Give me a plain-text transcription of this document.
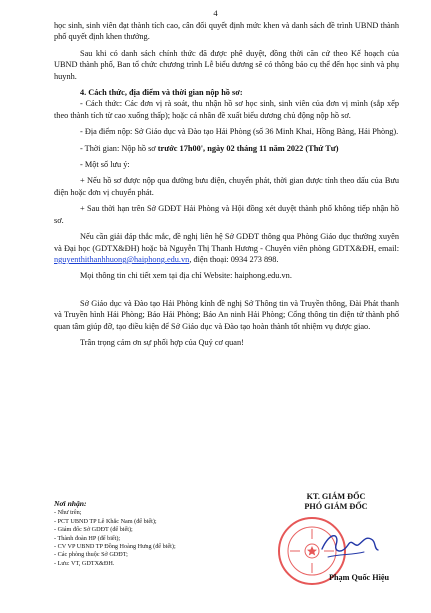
4

học sinh, sinh viên đạt thành tích cao, cân đối quyết định mức khen và danh sách đề trình UBND thành phố quyết định khen thưởng.

Sau khi có danh sách chính thức đã được phê duyệt, đồng thời căn cứ theo Kế hoạch của UBND thành phố, Ban tổ chức chương trình Lễ biểu dương sẽ có thông báo cụ thể đến học sinh và phụ huynh.

4. Cách thức, địa điểm và thời gian nộp hồ sơ:

- Cách thức: Các đơn vị rà soát, thu nhận hồ sơ học sinh, sinh viên của đơn vị mình (sắp xếp theo thành tích từ cao xuống thấp); hoặc cá nhân đề xuất biểu dương chủ động nộp hồ sơ.

- Địa điểm nộp: Sở Giáo dục và Đào tạo Hải Phòng (số 36 Minh Khai, Hồng Bàng, Hải Phòng).

- Thời gian: Nộp hồ sơ trước 17h00', ngày 02 tháng 11 năm 2022 (Thứ Tư)

- Một số lưu ý:

+ Nếu hồ sơ được nộp qua đường bưu điện, chuyển phát, thời gian được tính theo dấu của Bưu điện hoặc đơn vị chuyển phát.

+ Sau thời hạn trên Sở GDĐT Hải Phòng và Hội đồng xét duyệt thành phố không tiếp nhận hồ sơ.

Nếu cần giải đáp thắc mắc, đề nghị liên hệ Sở GDĐT thông qua Phòng Giáo dục thường xuyên và Đại học (GDTX&ĐH) hoặc bà Nguyễn Thị Thanh Hương - Chuyên viên phòng GDTX&ĐH, email: nguyenthithanhhuong@haiphong.edu.vn, điện thoại: 0934 273 898.

Mọi thông tin chi tiết xem tại địa chỉ Website: haiphong.edu.vn.

Sở Giáo dục và Đào tạo Hải Phòng kính đề nghị Sở Thông tin và Truyền thông, Đài Phát thanh và Truyền hình Hải Phòng; Báo Hải Phòng; Báo An ninh Hải Phòng; Cổng thông tin điện tử thành phố quan tâm giúp đỡ, tạo điều kiện để Sở Giáo dục và Đào tạo hoàn thành tốt nhiệm vụ được giao.

Trân trọng cảm ơn sự phối hợp của Quý cơ quan!

Nơi nhận:

- Như trên;

- PCT UBND TP Lê Khắc Nam (để biết);

- Giám đốc Sở GDĐT (để biết);

- Thành đoàn HP (để biết);

- CV VP UBND TP Đồng Hoàng Hưng (để biết);

- Các phòng thuộc Sở GDĐT;

- Lưu: VT, GDTX&ĐH.

KT. GIÁM ĐỐC

PHÓ GIÁM ĐỐC

Phạm Quốc Hiệu
